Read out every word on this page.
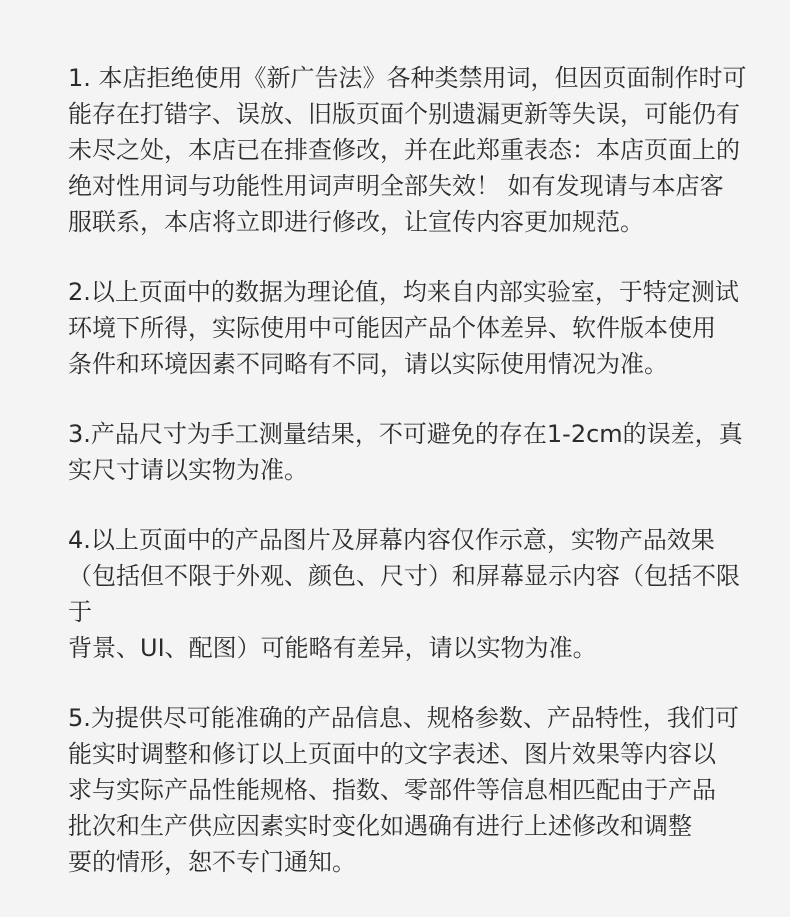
1. 本店拒绝使用《新广告法》各种类禁用词，但因页面制作时可

能存在打错字、误放、旧版页面个别遗漏更新等失误，可能仍有

未尽之处，本店已在排查修改，并在此郑重表态：本店页面上的

绝对性用词与功能性用词声明全部失效！ 如有发现请与本店客

服联系，本店将立即进行修改，让宣传内容更加规范。

2.以上页面中的数据为理论值，均来自内部实验室，于特定测试

环境下所得，实际使用中可能因产品个体差异、软件版本使用

条件和环境因素不同略有不同，请以实际使用情况为准。

3.产品尺寸为手工测量结果，不可避免的存在1-2cm的误差，真

实尺寸请以实物为准。

4.以上页面中的产品图片及屏幕内容仅作示意，实物产品效果

（包括但不限于外观、颜色、尺寸）和屏幕显示内容（包括不限于

背景、UI、配图）可能略有差异，请以实物为准。

5.为提供尽可能准确的产品信息、规格参数、产品特性，我们可

能实时调整和修订以上页面中的文字表述、图片效果等内容以

求与实际产品性能规格、指数、零部件等信息相匹配由于产品

批次和生产供应因素实时变化如遇确有进行上述修改和调整

要的情形，恕不专门通知。
